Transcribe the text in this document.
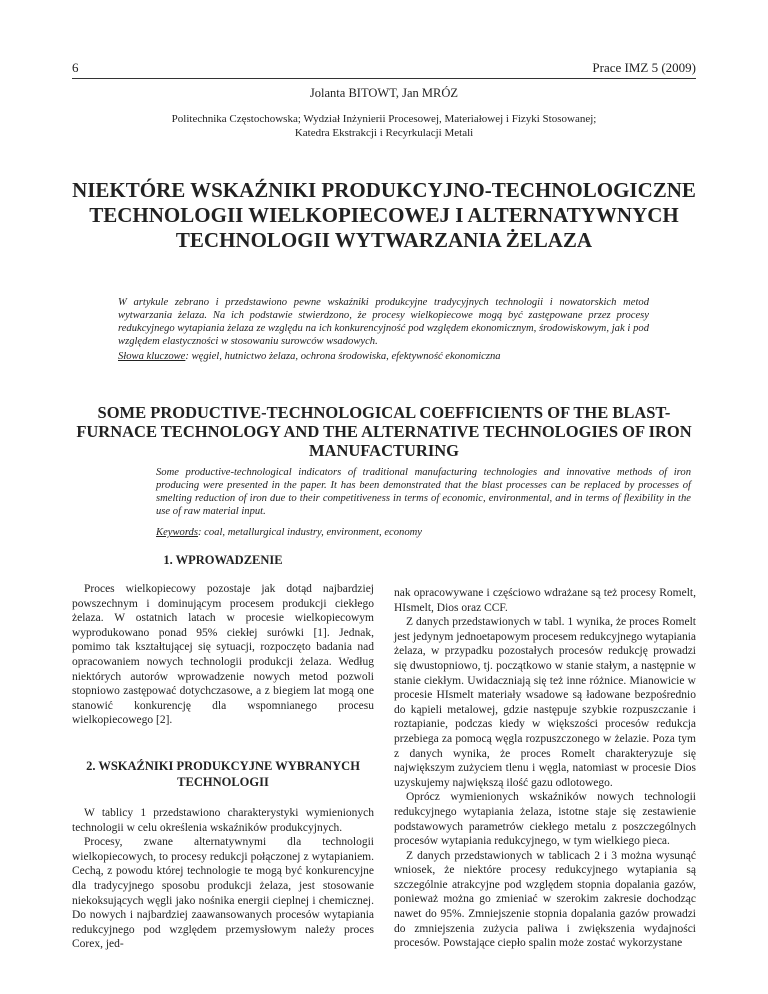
6	Prace IMZ 5 (2009)
Jolanta BITOWT, Jan MRÓZ
Politechnika Częstochowska; Wydział Inżynierii Procesowej, Materiałowej i Fizyki Stosowanej;
Katedra Ekstrakcji i Recyrkulacji Metali
NIEKTÓRE WSKAŹNIKI PRODUKCYJNO-TECHNOLOGICZNE TECHNOLOGII WIELKOPIECOWEJ I ALTERNATYWNYCH TECHNOLOGII WYTWARZANIA ŻELAZA
W artykule zebrano i przedstawiono pewne wskaźniki produkcyjne tradycyjnych technologii i nowatorskich metod wytwarzania żelaza. Na ich podstawie stwierdzono, że procesy wielkopiecowe mogą być zastępowane przez procesy redukcyjnego wytapiania żelaza ze względu na ich konkurencyjność pod względem ekonomicznym, środowiskowym, jak i pod względem elastyczności w stosowaniu surowców wsadowych.
Słowa kluczowe: węgiel, hutnictwo żelaza, ochrona środowiska, efektywność ekonomiczna
SOME PRODUCTIVE-TECHNOLOGICAL COEFFICIENTS OF THE BLAST-FURNACE TECHNOLOGY AND THE ALTERNATIVE TECHNOLOGIES OF IRON MANUFACTURING
Some productive-technological indicators of traditional manufacturing technologies and innovative methods of iron producing were presented in the paper. It has been demonstrated that the blast processes can be replaced by processes of smelting reduction of iron due to their competitiveness in terms of economic, environmental, and in terms of flexibility in the use of raw material input.
Keywords: coal, metallurgical industry, environment, economy
1. WPROWADZENIE

Proces wielkopiecowy pozostaje jak dotąd najbardziej powszechnym i dominującym procesem produkcji ciekłego żelaza. W ostatnich latach w procesie wielkopiecowym wyprodukowano ponad 95% ciekłej surówki [1]. Jednak, pomimo tak kształtującej się sytuacji, rozpoczęto badania nad opracowaniem nowych technologii produkcji żelaza. Według niektórych autorów wprowadzenie nowych metod pozwoli stopniowo zastępować dotychczasowe, a z biegiem lat mogą one stanowić konkurencję dla wspomnianego procesu wielkopiecowego [2].

2. WSKAŹNIKI PRODUKCYJNE WYBRANYCH TECHNOLOGII

W tablicy 1 przedstawiono charakterystyki wymienionych technologii w celu określenia wskaźników produkcyjnych.

Procesy, zwane alternatywnymi dla technologii wielkopiecowych, to procesy redukcji połączonej z wytapianiem. Cechą, z powodu której technologie te mogą być konkurencyjne dla tradycyjnego sposobu produkcji żelaza, jest stosowanie niekoksujących węgli jako nośnika energii cieplnej i chemicznej. Do nowych i najbardziej zaawansowanych procesów wytapiania redukcyjnego pod względem przemysłowym należy proces Corex, jed-

nak opracowywane i częściowo wdrażane są też procesy Romelt, HIsmelt, Dios oraz CCF.

Z danych przedstawionych w tabl. 1 wynika, że proces Romelt jest jedynym jednoetapowym procesem redukcyjnego wytapiania żelaza, w przypadku pozostałych procesów redukcję prowadzi się dwustopniowo, tj. początkowo w stanie stałym, a następnie w stanie ciekłym. Uwidaczniają się też inne różnice. Mianowicie w procesie HIsmelt materiały wsadowe są ładowane bezpośrednio do kąpieli metalowej, gdzie następuje szybkie rozpuszczanie i roztapianie, podczas kiedy w większości procesów redukcja przebiega za pomocą węgla rozpuszczonego w żelazie. Poza tym z danych wynika, że proces Romelt charakteryzuje się największym zużyciem tlenu i węgla, natomiast w procesie Dios uzyskujemy największą ilość gazu odlotowego.

Oprócz wymienionych wskaźników nowych technologii redukcyjnego wytapiania żelaza, istotne staje się zestawienie podstawowych parametrów ciekłego metalu z poszczególnych procesów wytapiania redukcyjnego, w tym wielkiego pieca.

Z danych przedstawionych w tablicach 2 i 3 można wysunąć wniosek, że niektóre procesy redukcyjnego wytapiania są szczególnie atrakcyjne pod względem stopnia dopalania gazów, ponieważ można go zmieniać w szerokim zakresie dochodząc nawet do 95%. Zmniejszenie stopnia dopalania gazów prowadzi do zmniejszenia zużycia paliwa i zwiększenia wydajności procesów. Powstające ciepło spalin może zostać wykorzystane
